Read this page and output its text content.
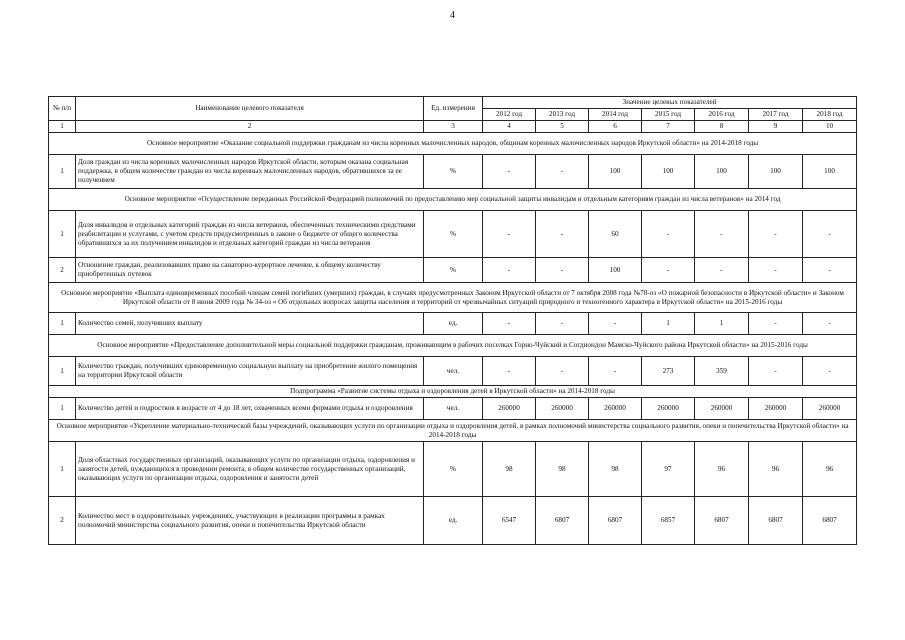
4
№ п/п	Наименование целевого показателя	Ед. измерения	Значение целевых показателей						
			2012 год	2013 год	2014 год	2015 год	2016 год	2017 год	2018 год
1	2	3	4	5	6	7	8	9	10
Основное мероприятие «Оказание социальной поддержки гражданам из числа коренных малочисленных народов, общинам коренных малочисленных народов Иркутской области» на 2014-2018 годы									
1	Доля граждан из числа коренных малочисленных народов Иркутской области, которым оказана социальная поддержка, в общем количестве граждан из числа коренных малочисленных народов, обратившихся за ее получением	%	-	-	100	100	100	100	100
Основное мероприятие «Осуществление переданных Российской Федерацией полномочий по предоставлению мер социальной защиты инвалидам и отдельным категориям граждан из числа ветеранов» на 2014 год									
1	Доля инвалидов и отдельных категорий граждан из числа ветеранов, обеспеченных техническими средствами реабилитации и услугами, с учетом средств предусмотренных в законе о бюджете от общего количества обратившихся за их получением инвалидов и отдельных категорий граждан из числа ветеранов	%	-	-	60	-	-	-	-
2	Отношение граждан, реализовавших право на санаторно-курортное лечение, к общему количеству приобретенных путевок	%	-	-	100	-	-	-	-
Основное мероприятие «Выплата единовременных пособий членам семей погибших (умерших) граждан, в случаях предусмотренных Законом Иркутской области от 7 октября 2008 года №78-оз «О пожарной безопасности в Иркутской области» и Законом Иркутской области от 8 июня 2009 года № 34-оз « Об отдельных вопросах защиты населения и территорий от чрезвычайных ситуаций природного и техногенного характера в Иркутской области» на 2015-2016 годы									
1	Количество семей, получивших выплату	ед.	-	-	-	1	1	-	-
Основное мероприятие «Предоставление дополнительной меры социальной поддержки гражданам, проживающим в рабочих поселках Горно-Чуйский и Согдиондон Мамско-Чуйского района Иркутской области» на 2015-2016 годы									
1	Количество граждан, получивших единовременную социальную выплату на приобретение жилого помещения на территории Иркутской области	чел.	-	-	-	273	359	-	-
Подпрограмма «Развитие системы отдыха и оздоровления детей в Иркутской области» на 2014-2018 годы									
1	Количество детей и подростков в возрасте от 4 до 18 лет, охваченных всеми формами отдыха и оздоровления	чел.	260000	260000	260000	260000	260000	260000	260000
Основное мероприятие «Укрепление материально-технической базы учреждений, оказывающих услуги по организации отдыха и оздоровления детей, в рамках полномочий министерства социального развития, опеки и попечительства Иркутской области» на 2014-2018 годы									
1	Доля областных государственных организаций, оказывающих услуги по организации отдыха, оздоровления и занятости детей, нуждающихся в проведении ремонта, в общем количестве государственных организаций, оказывающих услуги по организации отдыха, оздоровления и занятости детей	%	98	98	98	97	96	96	96
2	Количество мест в оздоровительных учреждениях, участвующих в реализации программы в рамках полномочий министерства социального развития, опеки и попечительства Иркутской области	ед.	6547	6807	6807	6857	6807	6807	6807
